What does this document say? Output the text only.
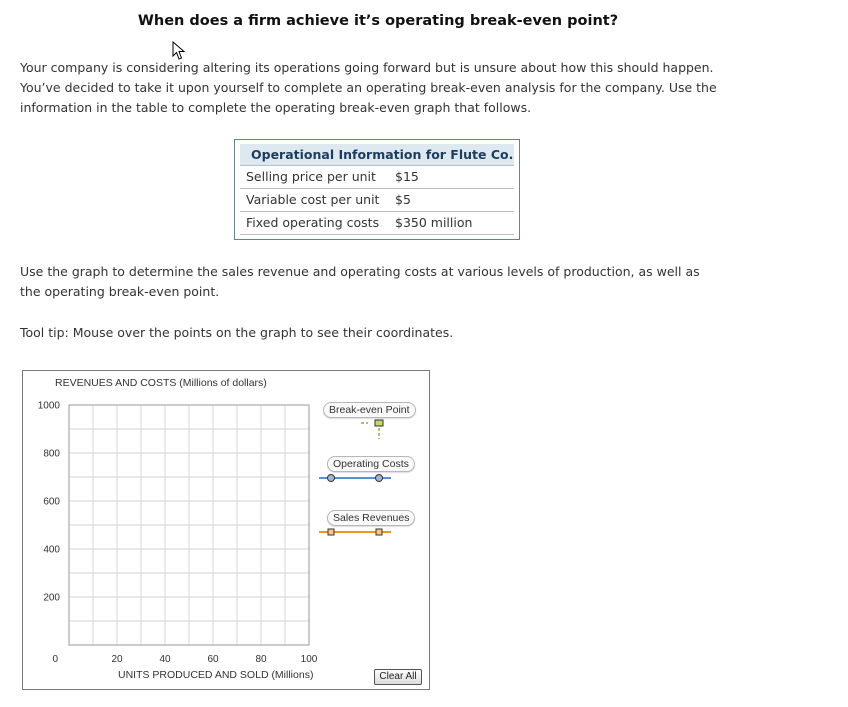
When does a firm achieve it’s operating break-even point?
Your company is considering altering its operations going forward but is unsure about how this should happen. You’ve decided to take it upon yourself to complete an operating break-even analysis for the company. Use the information in the table to complete the operating break-even graph that follows.
Operational Information for Flute Co.
Selling price per unit $15
Variable cost per unit $5
Fixed operating costs $350 million
Use the graph to determine the sales revenue and operating costs at various levels of production, as well as the operating break-even point.
Tool tip: Mouse over the points on the graph to see their coordinates.
REVENUES AND COSTS (Millions of dollars)
20	40	60	80	100
200
400
600
800
1000
0
UNITS PRODUCED AND SOLD (Millions)
Break-even Point
Operating Costs
Sales Revenues
Clear All
